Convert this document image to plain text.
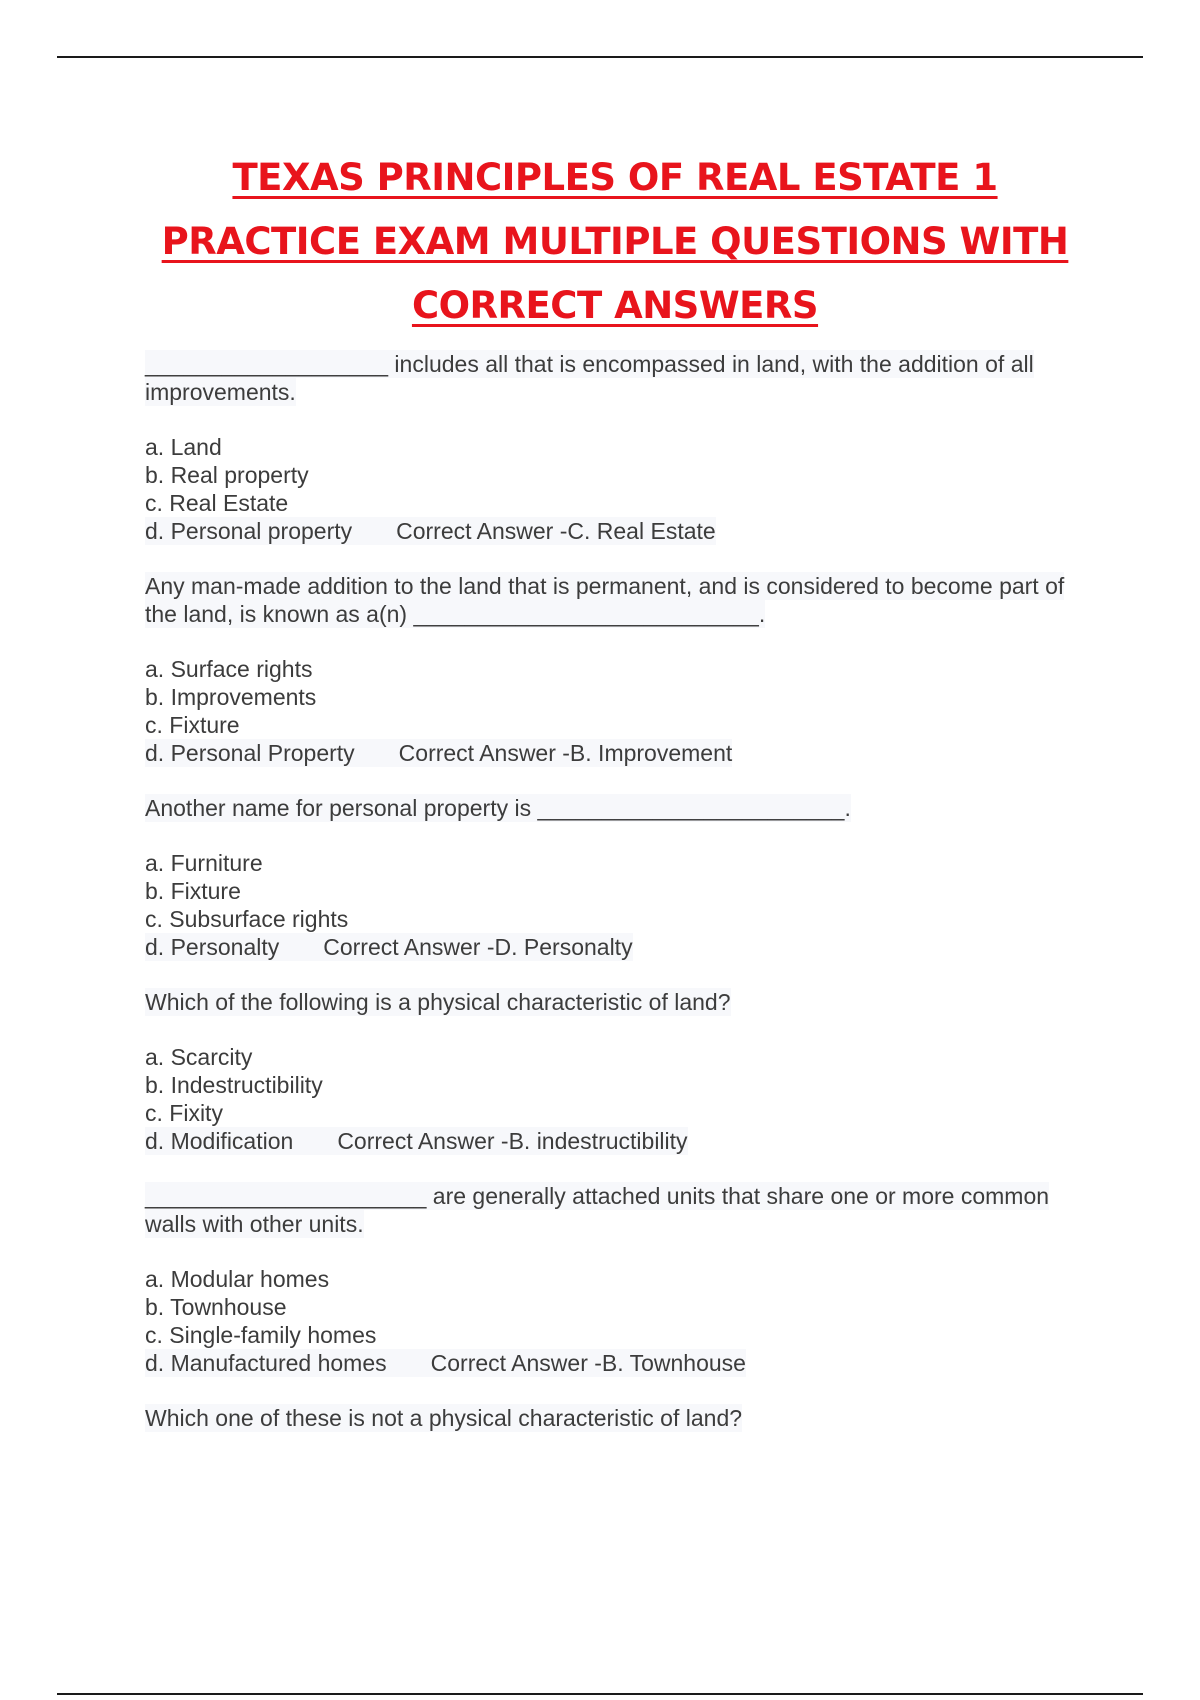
TEXAS PRINCIPLES OF REAL ESTATE 1 PRACTICE EXAM MULTIPLE QUESTIONS WITH CORRECT ANSWERS
___________________ includes all that is encompassed in land, with the addition of all improvements.
a. Land
b. Real property
c. Real Estate
d. Personal property Correct Answer -C. Real Estate
Any man-made addition to the land that is permanent, and is considered to become part of the land, is known as a(n) ___________________________.
a. Surface rights
b. Improvements
c. Fixture
d. Personal Property Correct Answer -B. Improvement
Another name for personal property is ________________________.
a. Furniture
b. Fixture
c. Subsurface rights
d. Personalty Correct Answer -D. Personalty
Which of the following is a physical characteristic of land?
a. Scarcity
b. Indestructibility
c. Fixity
d. Modification Correct Answer -B. indestructibility
______________________ are generally attached units that share one or more common walls with other units.
a. Modular homes
b. Townhouse
c. Single-family homes
d. Manufactured homes Correct Answer -B. Townhouse
Which one of these is not a physical characteristic of land?
